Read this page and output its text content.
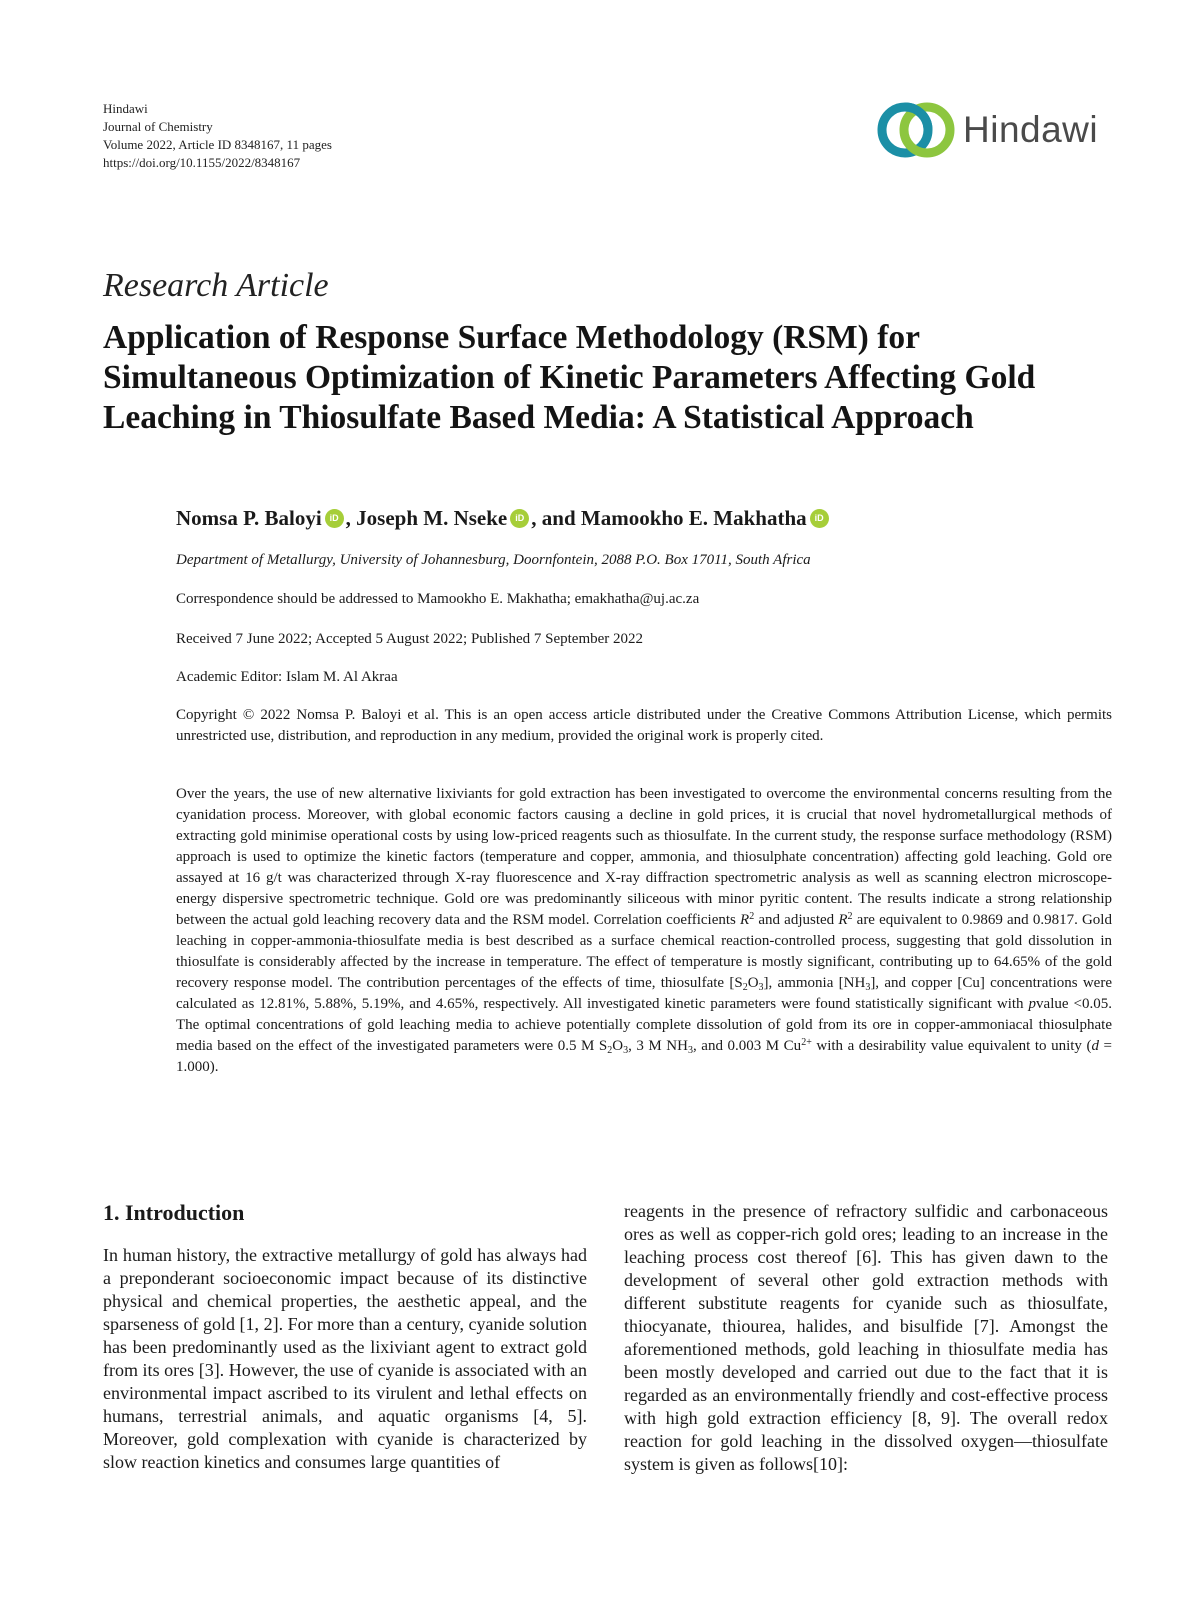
Hindawi
Journal of Chemistry
Volume 2022, Article ID 8348167, 11 pages
https://doi.org/10.1155/2022/8348167
Hindawi
Research Article
Application of Response Surface Methodology (RSM) for
Simultaneous Optimization of Kinetic Parameters Affecting Gold
Leaching in Thiosulfate Based Media: A Statistical Approach
Nomsa P. Baloyi iD , Joseph M. Nseke iD , and Mamookho E. Makhatha iD
Department of Metallurgy, University of Johannesburg, Doornfontein, 2088 P.O. Box 17011, South Africa
Correspondence should be addressed to Mamookho E. Makhatha; emakhatha@uj.ac.za
Received 7 June 2022; Accepted 5 August 2022; Published 7 September 2022
Academic Editor: Islam M. Al Akraa
Copyright © 2022 Nomsa P. Baloyi et al. This is an open access article distributed under the Creative Commons Attribution License, which permits unrestricted use, distribution, and reproduction in any medium, provided the original work is properly cited.
Over the years, the use of new alternative lixiviants for gold extraction has been investigated to overcome the environmental concerns resulting from the cyanidation process. Moreover, with global economic factors causing a decline in gold prices, it is crucial that novel hydrometallurgical methods of extracting gold minimise operational costs by using low-priced reagents such as thiosulfate. In the current study, the response surface methodology (RSM) approach is used to optimize the kinetic factors (temperature and copper, ammonia, and thiosulphate concentration) affecting gold leaching. Gold ore assayed at 16 g/t was characterized through X-ray fluorescence and X-ray diffraction spectrometric analysis as well as scanning electron microscope-energy dispersive spectrometric technique. Gold ore was predominantly siliceous with minor pyritic content. The results indicate a strong relationship between the actual gold leaching recovery data and the RSM model. Correlation coefficients $R^2$ and adjusted $R^2$ are equivalent to 0.9869 and 0.9817. Gold leaching in copper-ammonia-thiosulfate media is best described as a surface chemical reaction-controlled process, suggesting that gold dissolution in thiosulfate is considerably affected by the increase in temperature. The effect of temperature is mostly significant, contributing up to 64.65% of the gold recovery response model. The contribution percentages of the effects of time, thiosulfate $[S_2O_3]$, ammonia $[NH_3]$, and copper [Cu] concentrations were calculated as 12.81%, 5.88%, 5.19%, and 4.65%, respectively. All investigated kinetic parameters were found statistically significant with pvalue <0.05. The optimal concentrations of gold leaching media to achieve potentially complete dissolution of gold from its ore in copper-ammoniacal thiosulphate media based on the effect of the investigated parameters were 0.5 M $S_2O_3$, 3 M $NH_3$, and 0.003 M $Cu^{2+}$ with a desirability value equivalent to unity (d = 1.000).
1. Introduction
In human history, the extractive metallurgy of gold has always had a preponderant socioeconomic impact because of its distinctive physical and chemical properties, the aesthetic appeal, and the sparseness of gold [1, 2]. For more than a century, cyanide solution has been predominantly used as the lixiviant agent to extract gold from its ores [3]. However, the use of cyanide is associated with an environmental impact ascribed to its virulent and lethal effects on humans, terrestrial animals, and aquatic organisms [4, 5]. Moreover, gold complexation with cyanide is characterized by slow reaction kinetics and consumes large quantities of
reagents in the presence of refractory sulfidic and carbonaceous ores as well as copper-rich gold ores; leading to an increase in the leaching process cost thereof [6]. This has given dawn to the development of several other gold extraction methods with different substitute reagents for cyanide such as thiosulfate, thiocyanate, thiourea, halides, and bisulfide [7]. Amongst the aforementioned methods, gold leaching in thiosulfate media has been mostly developed and carried out due to the fact that it is regarded as an environmentally friendly and cost-effective process with high gold extraction efficiency [8, 9]. The overall redox reaction for gold leaching in the dissolved oxygen—thiosulfate system is given as follows[10]:
